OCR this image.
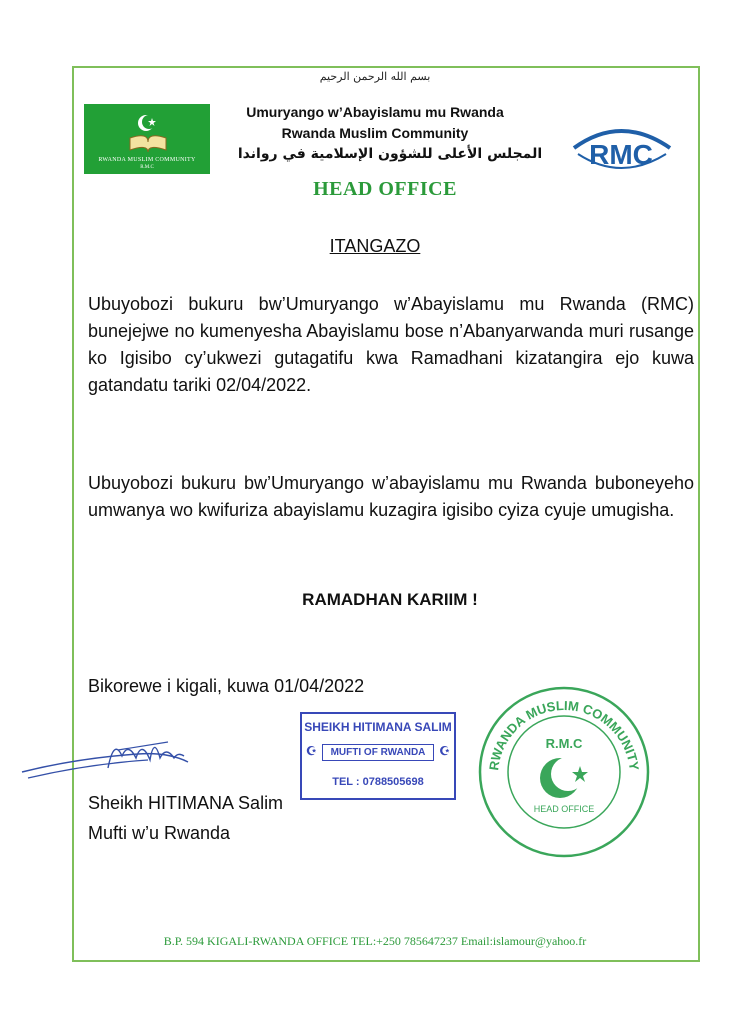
RWANDA MUSLIM COMMUNITY
R.M.C
بسم الله الرحمن الرحيم
Umuryango w’Abayislamu mu Rwanda
Rwanda Muslim Community
المجلس الأعلى للشؤون الإسلامية في رواندا
HEAD OFFICE
RMC
ITANGAZO
Ubuyobozi bukuru bw’Umuryango w’Abayislamu mu Rwanda (RMC) bunejejwe no kumenyesha Abayislamu bose n’Abanyarwanda muri rusange ko Igisibo cy’ukwezi gutagatifu kwa Ramadhani kizatangira ejo kuwa gatandatu tariki 02/04/2022.
Ubuyobozi bukuru bw’Umuryango w’abayislamu mu Rwanda buboneyeho umwanya wo kwifuriza abayislamu kuzagira igisibo cyiza cyuje umugisha.
RAMADHAN KARIIM !
Bikorewe i kigali, kuwa 01/04/2022
Sheikh HITIMANA Salim
Mufti w’u Rwanda
SHEIKH HITIMANA SALIM
☪	MUFTI OF RWANDA	☪
TEL : 0788505698
RWANDA MUSLIM COMMUNITY
R.M.C
HEAD OFFICE
B.P. 594 KIGALI-RWANDA OFFICE TEL:+250 785647237 Email:islamour@yahoo.fr
